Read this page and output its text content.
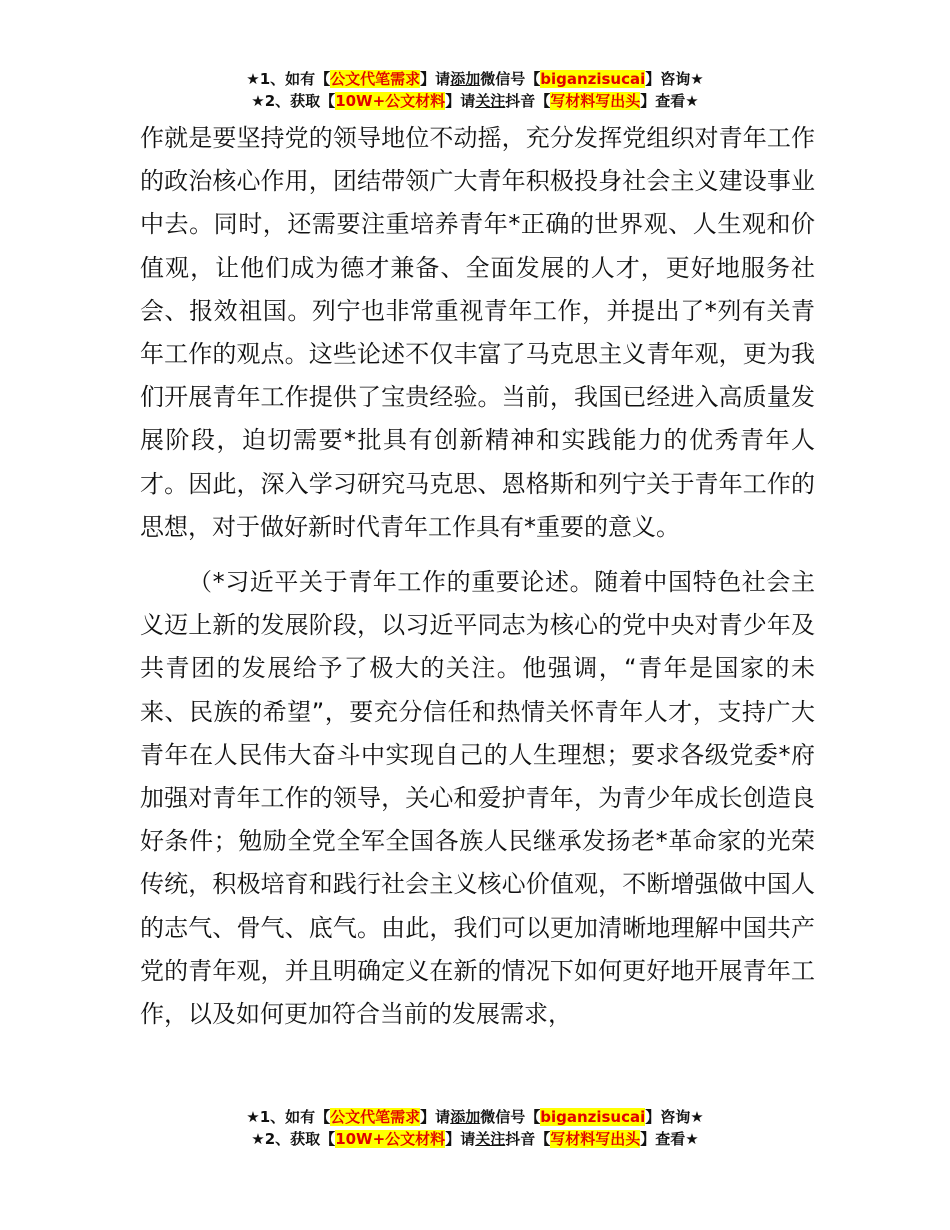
★1、如有【公文代笔需求】请添加微信号【biganzisucai】咨询★
★2、获取【10W+公文材料】请关注抖音【写材料写出头】查看★

作就是要坚持党的领导地位不动摇，充分发挥党组织对青年工作的政治核心作用，团结带领广大青年积极投身社会主义建设事业中去。同时，还需要注重培养青年*正确的世界观、人生观和价值观，让他们成为德才兼备、全面发展的人才，更好地服务社会、报效祖国。列宁也非常重视青年工作，并提出了*列有关青年工作的观点。这些论述不仅丰富了马克思主义青年观，更为我们开展青年工作提供了宝贵经验。当前，我国已经进入高质量发展阶段，迫切需要*批具有创新精神和实践能力的优秀青年人才。因此，深入学习研究马克思、恩格斯和列宁关于青年工作的思想，对于做好新时代青年工作具有*重要的意义。

（*习近平关于青年工作的重要论述。随着中国特色社会主义迈上新的发展阶段，以习近平同志为核心的党中央对青少年及共青团的发展给予了极大的关注。他强调，“青年是国家的未来、民族的希望”，要充分信任和热情关怀青年人才，支持广大青年在人民伟大奋斗中实现自己的人生理想；要求各级党委*府加强对青年工作的领导，关心和爱护青年，为青少年成长创造良好条件；勉励全党全军全国各族人民继承发扬老*革命家的光荣传统，积极培育和践行社会主义核心价值观，不断增强做中国人的志气、骨气、底气。由此，我们可以更加清晰地理解中国共产党的青年观，并且明确定义在新的情况下如何更好地开展青年工作，以及如何更加符合当前的发展需求，

★1、如有【公文代笔需求】请添加微信号【biganzisucai】咨询★
★2、获取【10W+公文材料】请关注抖音【写材料写出头】查看★
